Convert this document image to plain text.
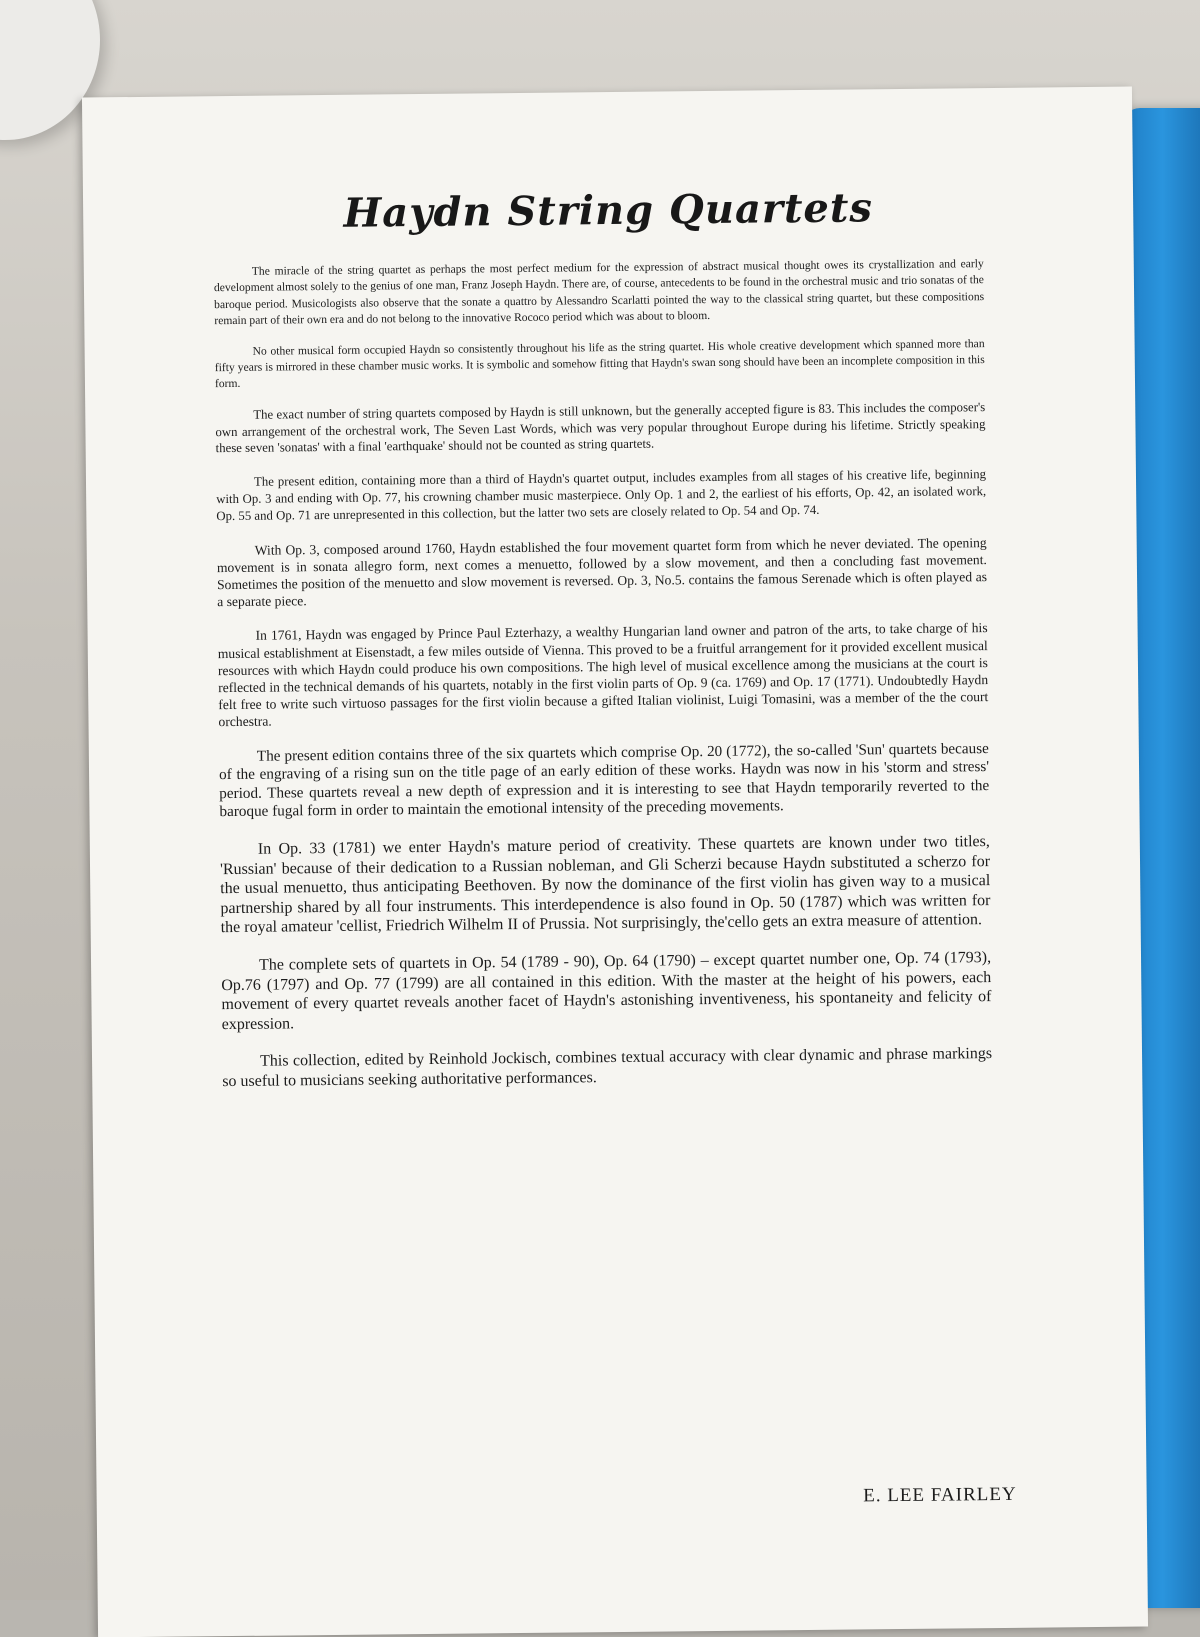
Haydn String Quartets

The miracle of the string quartet as perhaps the most perfect medium for the expression of abstract musical thought owes its crystallization and early development almost solely to the genius of one man, Franz Joseph Haydn. There are, of course, antecedents to be found in the orchestral music and trio sonatas of the baroque period. Musicologists also observe that the sonate a quattro by Alessandro Scarlatti pointed the way to the classical string quartet, but these compositions remain part of their own era and do not belong to the innovative Rococo period which was about to bloom.

No other musical form occupied Haydn so consistently throughout his life as the string quartet. His whole creative development which spanned more than fifty years is mirrored in these chamber music works. It is symbolic and somehow fitting that Haydn's swan song should have been an incomplete composition in this form.

The exact number of string quartets composed by Haydn is still unknown, but the generally accepted figure is 83. This includes the composer's own arrangement of the orchestral work, The Seven Last Words, which was very popular throughout Europe during his lifetime. Strictly speaking these seven 'sonatas' with a final 'earthquake' should not be counted as string quartets.

The present edition, containing more than a third of Haydn's quartet output, includes examples from all stages of his creative life, beginning with Op. 3 and ending with Op. 77, his crowning chamber music masterpiece. Only Op. 1 and 2, the earliest of his efforts, Op. 42, an isolated work, Op. 55 and Op. 71 are unrepresented in this collection, but the latter two sets are closely related to Op. 54 and Op. 74.

With Op. 3, composed around 1760, Haydn established the four movement quartet form from which he never deviated. The opening movement is in sonata allegro form, next comes a menuetto, followed by a slow movement, and then a concluding fast movement. Sometimes the position of the menuetto and slow movement is reversed. Op. 3, No.5. contains the famous Serenade which is often played as a separate piece.

In 1761, Haydn was engaged by Prince Paul Ezterhazy, a wealthy Hungarian land owner and patron of the arts, to take charge of his musical establishment at Eisenstadt, a few miles outside of Vienna. This proved to be a fruitful arrangement for it provided excellent musical resources with which Haydn could produce his own compositions. The high level of musical excellence among the musicians at the court is reflected in the technical demands of his quartets, notably in the first violin parts of Op. 9 (ca. 1769) and Op. 17 (1771). Undoubtedly Haydn felt free to write such virtuoso passages for the first violin because a gifted Italian violinist, Luigi Tomasini, was a member of the the court orchestra.

The present edition contains three of the six quartets which comprise Op. 20 (1772), the so-called 'Sun' quartets because of the engraving of a rising sun on the title page of an early edition of these works. Haydn was now in his 'storm and stress' period. These quartets reveal a new depth of expression and it is interesting to see that Haydn temporarily reverted to the baroque fugal form in order to maintain the emotional intensity of the preceding movements.

In Op. 33 (1781) we enter Haydn's mature period of creativity. These quartets are known under two titles, 'Russian' because of their dedication to a Russian nobleman, and Gli Scherzi because Haydn substituted a scherzo for the usual menuetto, thus anticipating Beethoven. By now the dominance of the first violin has given way to a musical partnership shared by all four instruments. This interdependence is also found in Op. 50 (1787) which was written for the royal amateur 'cellist, Friedrich Wilhelm II of Prussia. Not surprisingly, the'cello gets an extra measure of attention.

The complete sets of quartets in Op. 54 (1789 - 90), Op. 64 (1790) – except quartet number one, Op. 74 (1793), Op.76 (1797) and Op. 77 (1799) are all contained in this edition. With the master at the height of his powers, each movement of every quartet reveals another facet of Haydn's astonishing inventiveness, his spontaneity and felicity of expression.

This collection, edited by Reinhold Jockisch, combines textual accuracy with clear dynamic and phrase markings so useful to musicians seeking authoritative performances.

E. LEE FAIRLEY
